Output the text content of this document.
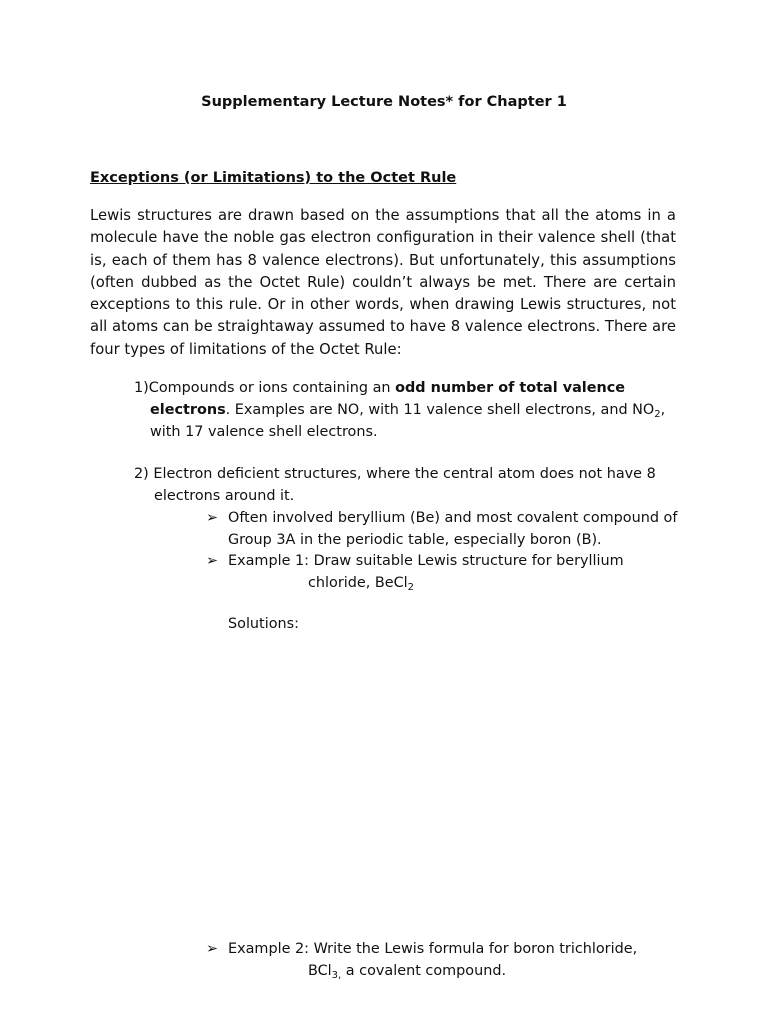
Supplementary Lecture Notes* for Chapter 1
Exceptions (or Limitations) to the Octet Rule
Lewis structures are drawn based on the assumptions that all the atoms in a molecule have the noble gas electron configuration in their valence shell (that is, each of them has 8 valence electrons). But unfortunately, this assumptions (often dubbed as the Octet Rule) couldn’t always be met. There are certain exceptions to this rule. Or in other words, when drawing Lewis structures, not all atoms can be straightaway assumed to have 8 valence electrons. There are four types of limitations of the Octet Rule:
1)Compounds or ions containing an odd number of total valence
electrons. Examples are NO, with 11 valence shell electrons, and $NO_2$,
with 17 valence shell electrons.
2) Electron deficient structures, where the central atom does not have 8
electrons around it.
➢ Often involved beryllium (Be) and most covalent compound of
Group 3A in the periodic table, especially boron (B).
➢ Example 1: Draw suitable Lewis structure for beryllium
chloride, BeCl$_2$
Solutions:
➢ Example 2: Write the Lewis formula for boron trichloride,
BCl$_{3,}$ a covalent compound.
